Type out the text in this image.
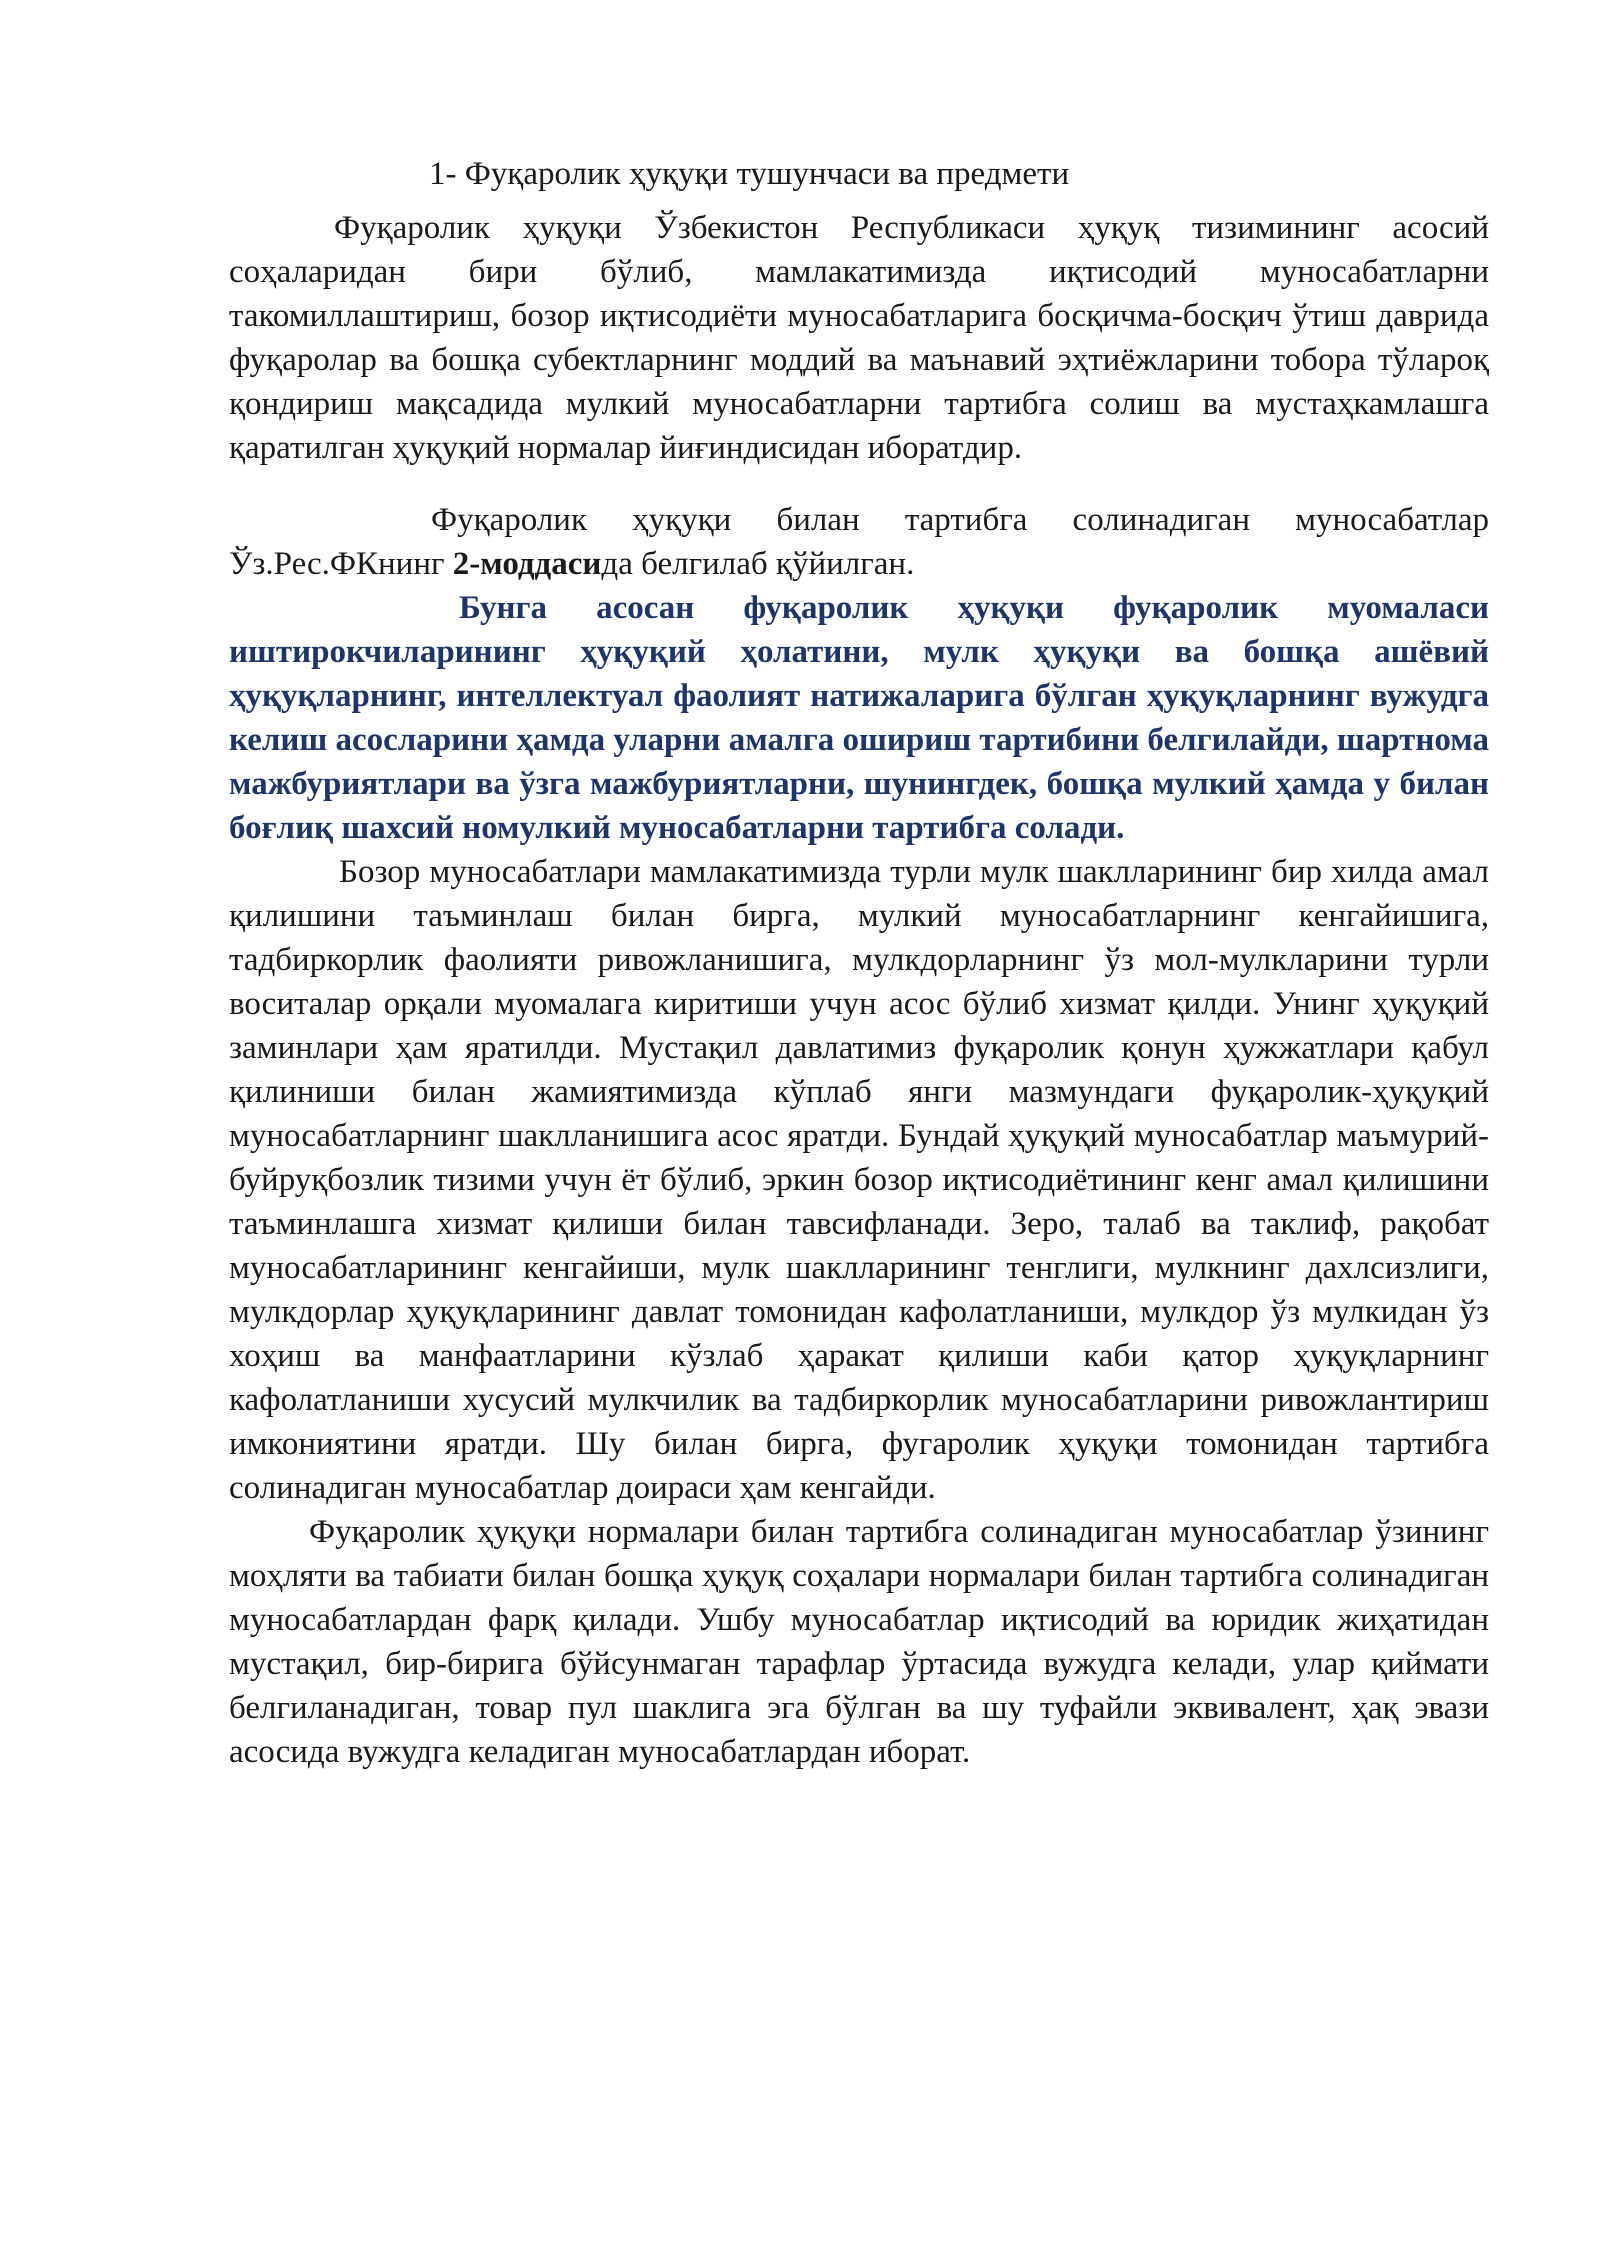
1- Фуқаролик ҳуқуқи тушунчаси ва предмети

Фуқаролик ҳуқуқи Ўзбекистон Республикаси ҳуқуқ тизимининг асосий соҳаларидан бири бўлиб, мамлакатимизда иқтисодий муносабатларни такомиллаштириш, бозор иқтисодиёти муносабатларига босқичма-босқич ўтиш даврида фуқаролар ва бошқа субектларнинг моддий ва маънавий эҳтиёжларини тобора тўлароқ қондириш мақсадида мулкий муносабатларни тартибга солиш ва мустаҳкамлашга қаратилган ҳуқуқий нормалар йиғиндисидан иборатдир.

Фуқаролик ҳуқуқи билан тартибга солинадиган муносабатлар Ўз.Рес.ФКнинг 2-моддасида белгилаб қўйилган.

Бунга асосан фуқаролик ҳуқуқи фуқаролик муомаласи иштирокчиларининг ҳуқуқий ҳолатини, мулк ҳуқуқи ва бошқа ашёвий ҳуқуқларнинг, интеллектуал фаолият натижаларига бўлган ҳуқуқларнинг вужудга келиш асосларини ҳамда уларни амалга ошириш тартибини белгилайди, шартнома мажбуриятлари ва ўзга мажбуриятларни, шунингдек, бошқа мулкий ҳамда у билан боғлиқ шахсий номулкий муносабатларни тартибга солади.

Бозор муносабатлари мамлакатимизда турли мулк шаклларининг бир хилда амал қилишини таъминлаш билан бирга, мулкий муносабатларнинг кенгайишига, тадбиркорлик фаолияти ривожланишига, мулкдорларнинг ўз мол-мулкларини турли воситалар орқали муомалага киритиши учун асос бўлиб хизмат қилди. Унинг ҳуқуқий заминлари ҳам яратилди. Мустақил давлатимиз фуқаролик қонун ҳужжатлари қабул қилиниши билан жамиятимизда кўплаб янги мазмундаги фуқаролик-ҳуқуқий муносабатларнинг шаклланишига асос яратди. Бундай ҳуқуқий муносабатлар маъмурий- буйруқбозлик тизими учун ёт бўлиб, эркин бозор иқтисодиётининг кенг амал қилишини таъминлашга хизмат қилиши билан тавсифланади. Зеро, талаб ва таклиф, рақобат муносабатларининг кенгайиши, мулк шаклларининг тенглиги, мулкнинг дахлсизлиги, мулкдорлар ҳуқуқларининг давлат томонидан кафолатланиши, мулкдор ўз мулкидан ўз хоҳиш ва манфаатларини кўзлаб ҳаракат қилиши каби қатор ҳуқуқларнинг кафолатланиши хусусий мулкчилик ва тадбиркорлик муносабатларини ривожлантириш имкониятини яратди. Шу билан бирга, фугаролик ҳуқуқи томонидан тартибга солинадиган муносабатлар доираси ҳам кенгайди.

Фуқаролик ҳуқуқи нормалари билан тартибга солинадиган муносабатлар ўзининг моҳляти ва табиати билан бошқа ҳуқуқ соҳалари нормалари билан тартибга солинадиган муносабатлардан фарқ қилади. Ушбу муносабатлар иқтисодий ва юридик жиҳатидан мустақил, бир-бирига бўйсунмаган тарафлар ўртасида вужудга келади, улар қиймати белгиланадиган, товар пул шаклига эга бўлган ва шу туфайли эквивалент, ҳақ эвази асосида вужудга келадиган муносабатлардан иборат.
